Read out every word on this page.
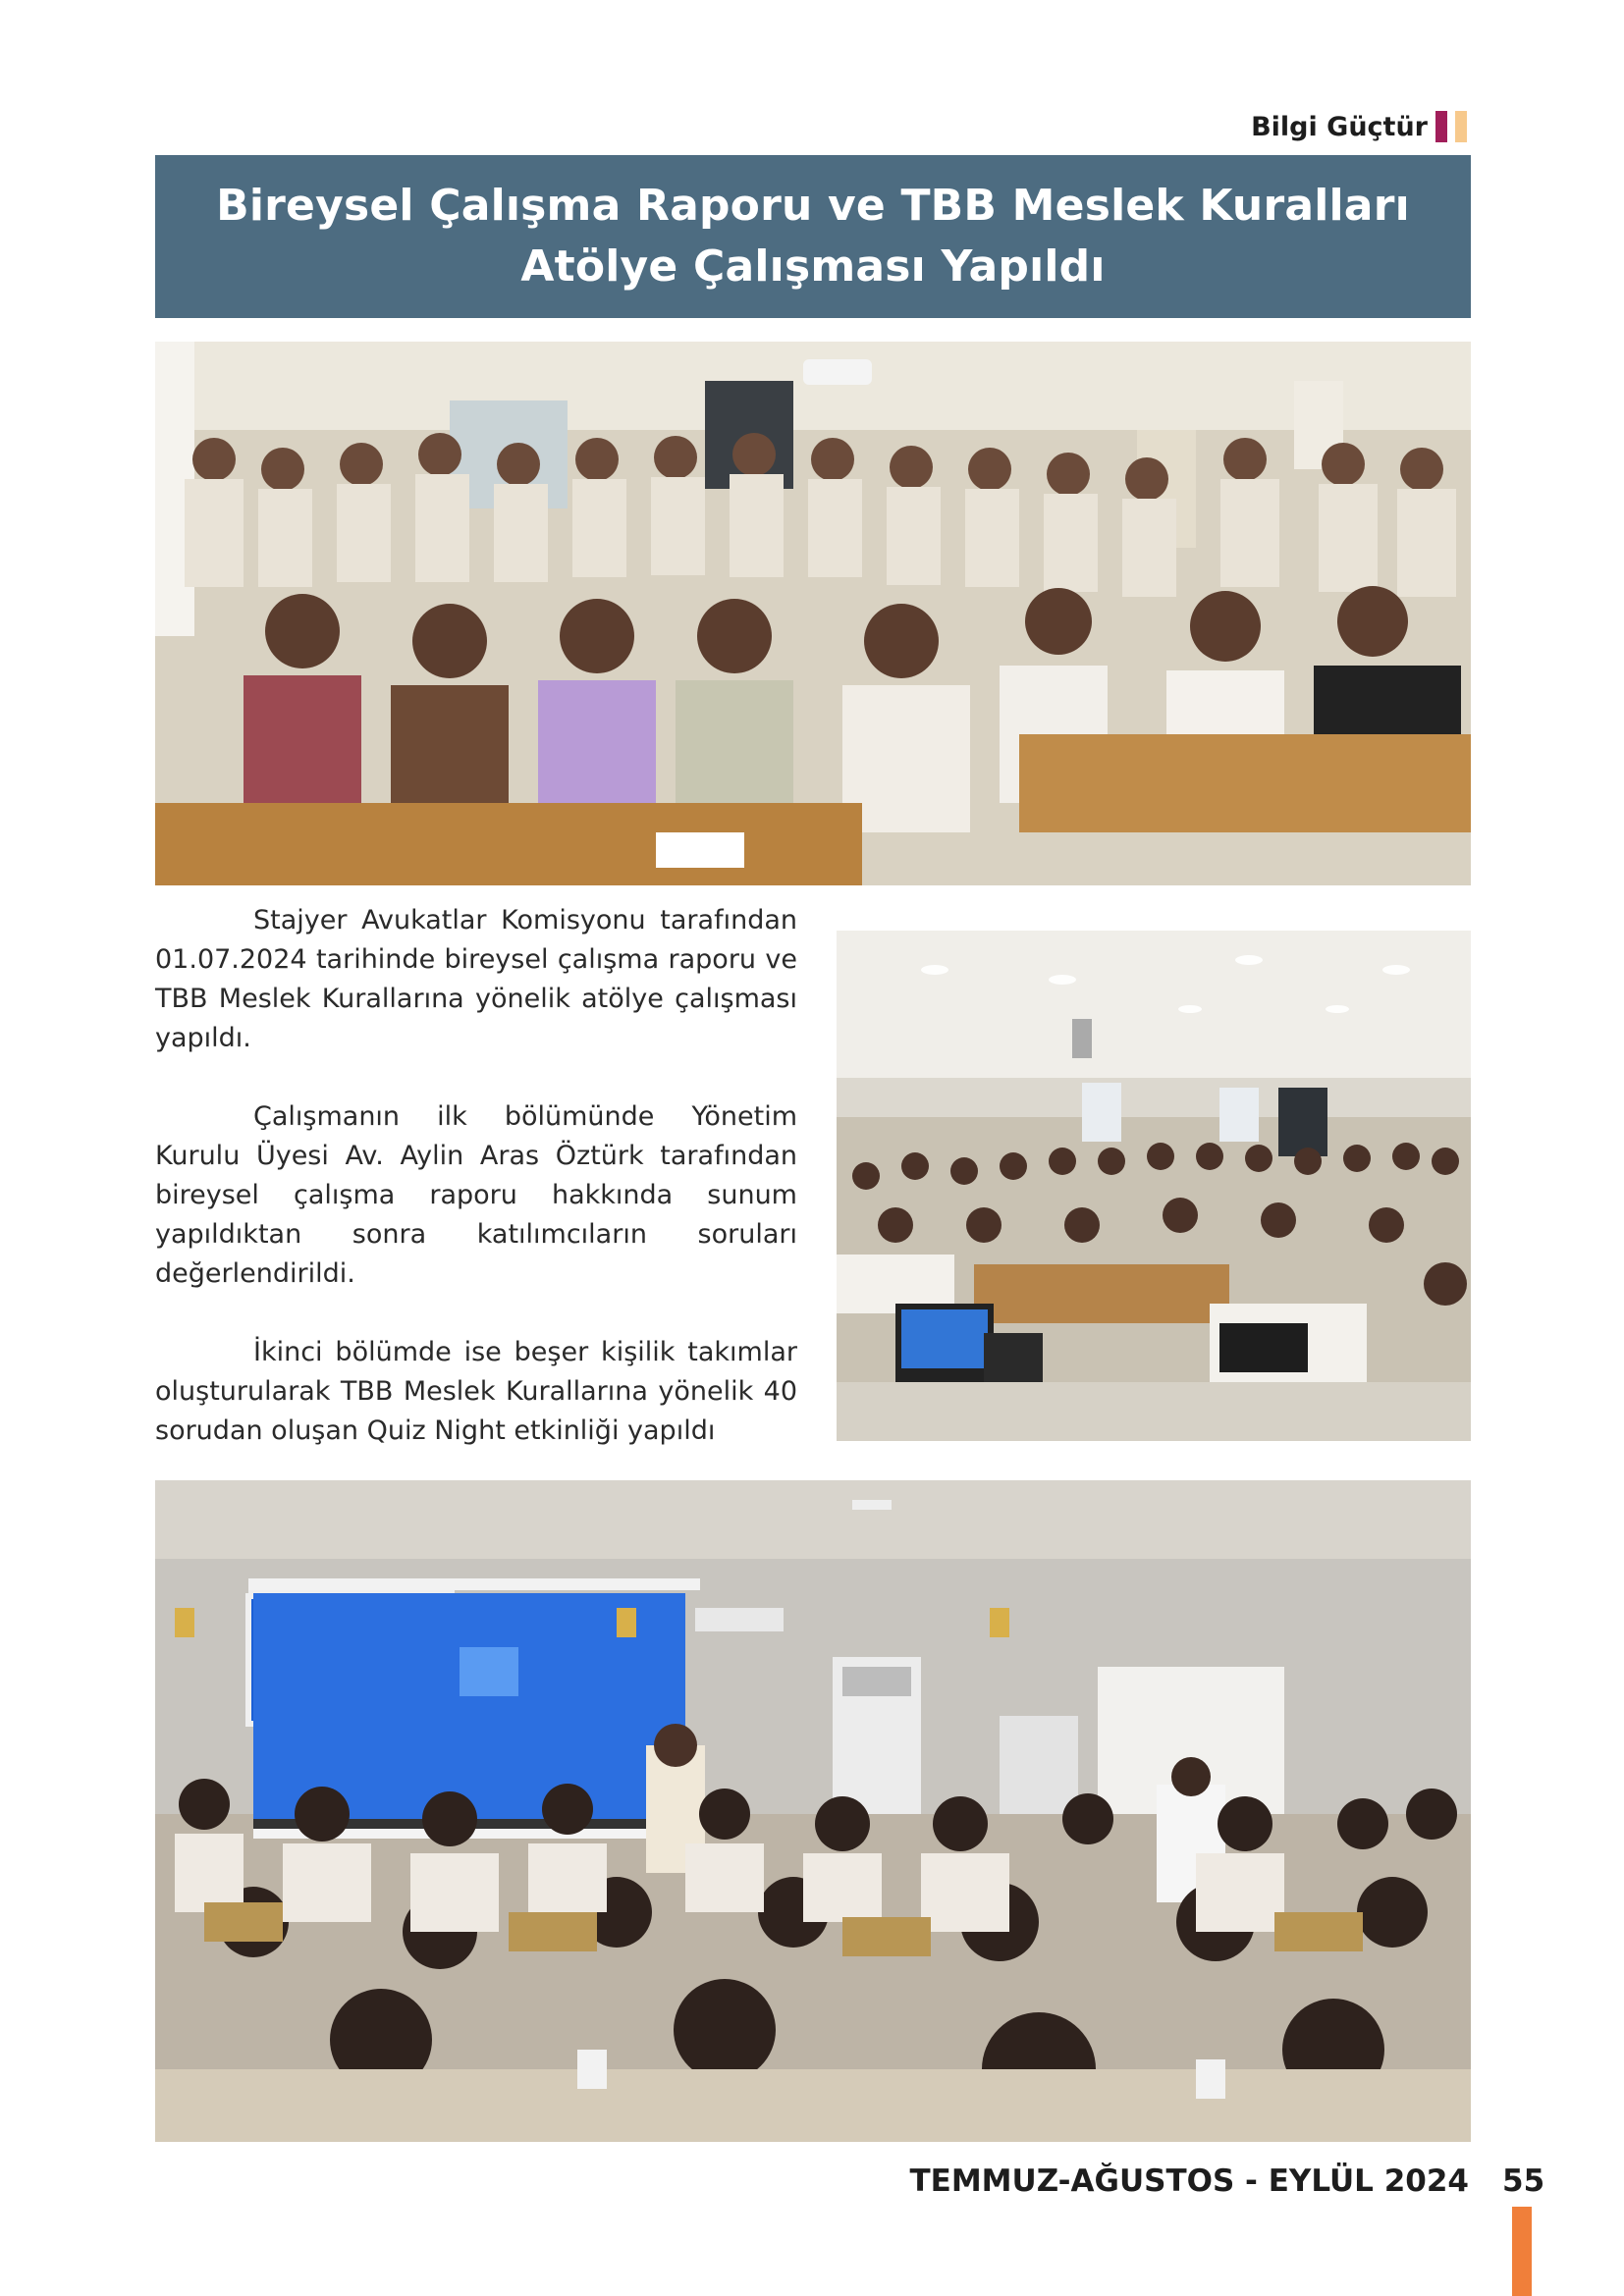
Bilgi Güçtür
Bireysel Çalışma Raporu ve TBB Meslek Kuralları
Atölye Çalışması Yapıldı

Stajyer Avukatlar Komisyonu tarafından 01.07.2024 tarihinde bireysel çalışma raporu ve TBB Meslek Kurallarına yönelik atölye çalışması yapıldı.

Çalışmanın ilk bölümünde Yönetim Kurulu Üyesi Av. Aylin Aras Öztürk tarafından bireysel çalışma raporu hakkında sunum yapıldıktan sonra katılımcıların soruları değerlendirildi.

İkinci bölümde ise beşer kişilik takımlar oluşturularak TBB Meslek Kurallarına yönelik 40 sorudan oluşan Quiz Night etkinliği yapıldı

TEMMUZ-AĞUSTOS - EYLÜL 2024 55
